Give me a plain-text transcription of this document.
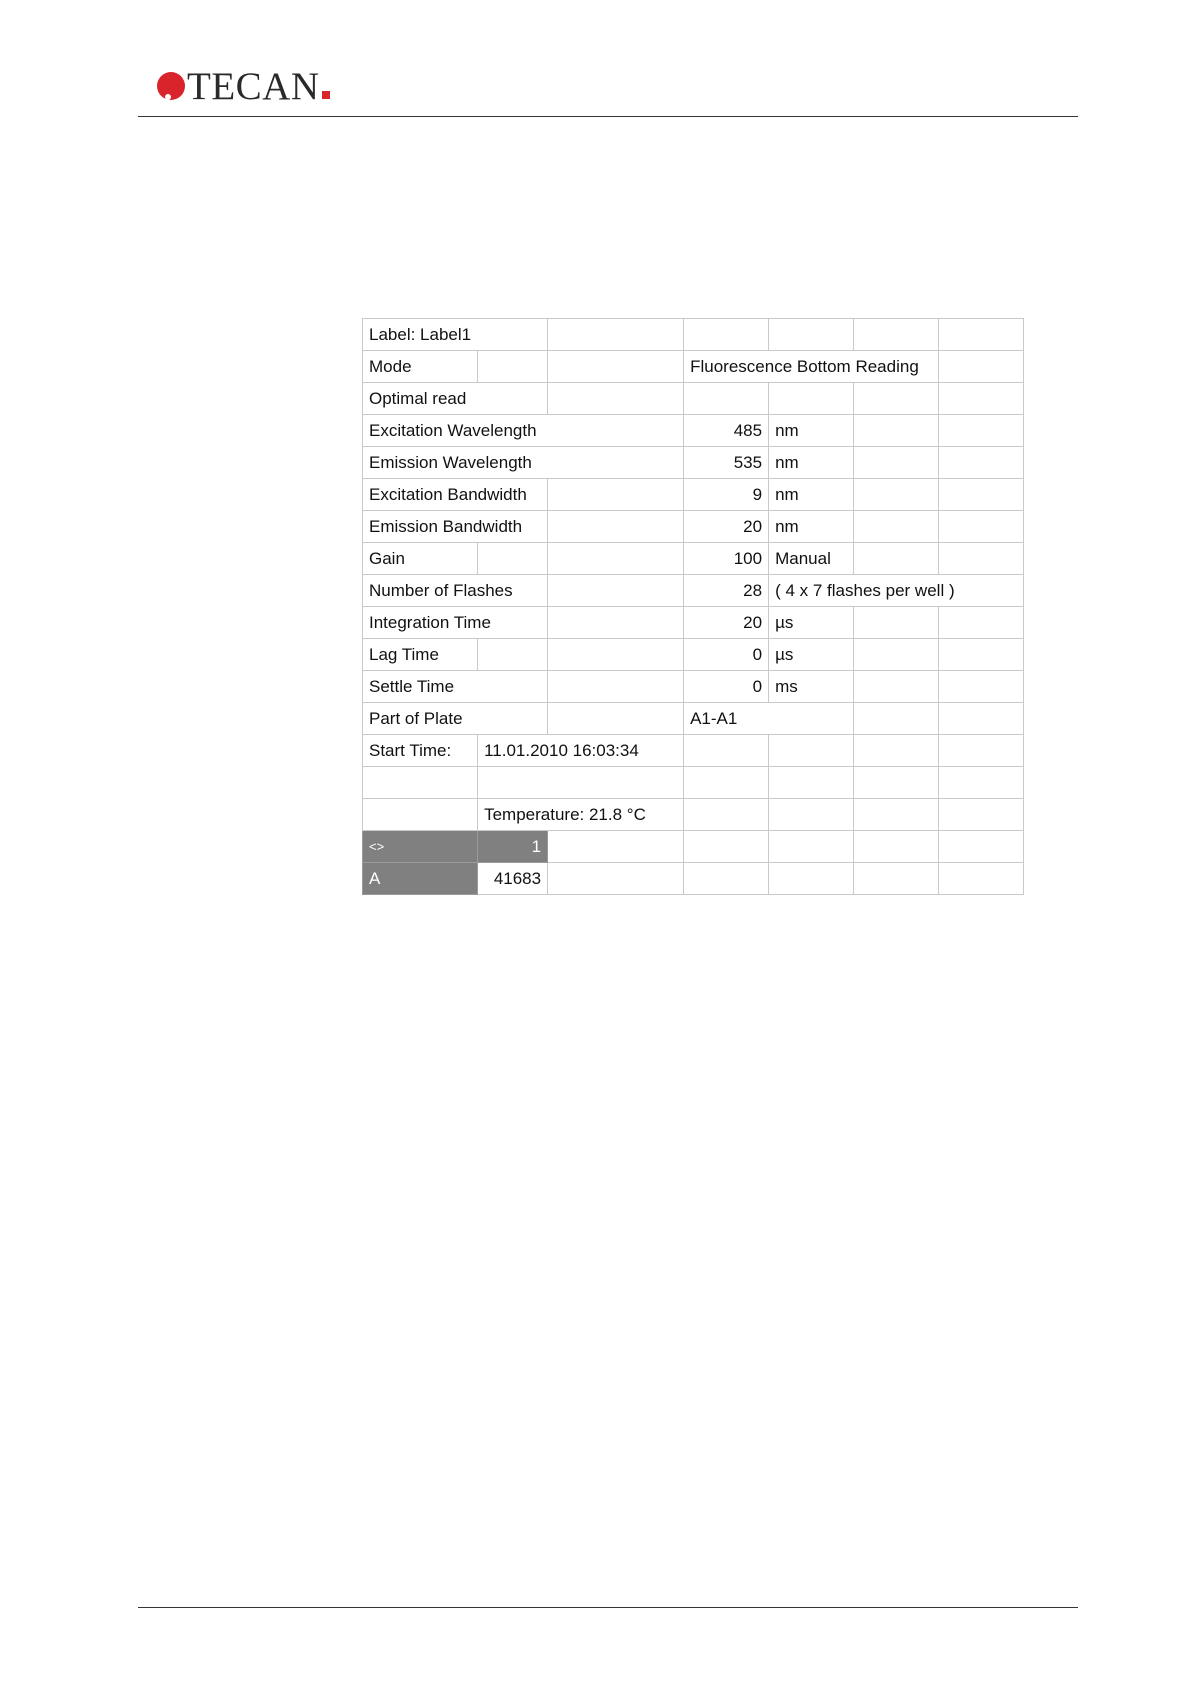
TECAN
Label: Label1						
Mode			Fluorescence Bottom Reading			
Optimal read						
Excitation Wavelength			485	nm		
Emission Wavelength			535	nm		
Excitation Bandwidth			9	nm		
Emission Bandwidth			20	nm		
Gain			100	Manual		
Number of Flashes			28	( 4 x 7 flashes per well )		
Integration Time			20	µs		
Lag Time			0	µs		
Settle Time			0	ms		
Part of Plate			A1-A1			
Start Time:	11.01.2010 16:03:34					

	Temperature: 21.8 °C					
<>	1					
A	41683					
